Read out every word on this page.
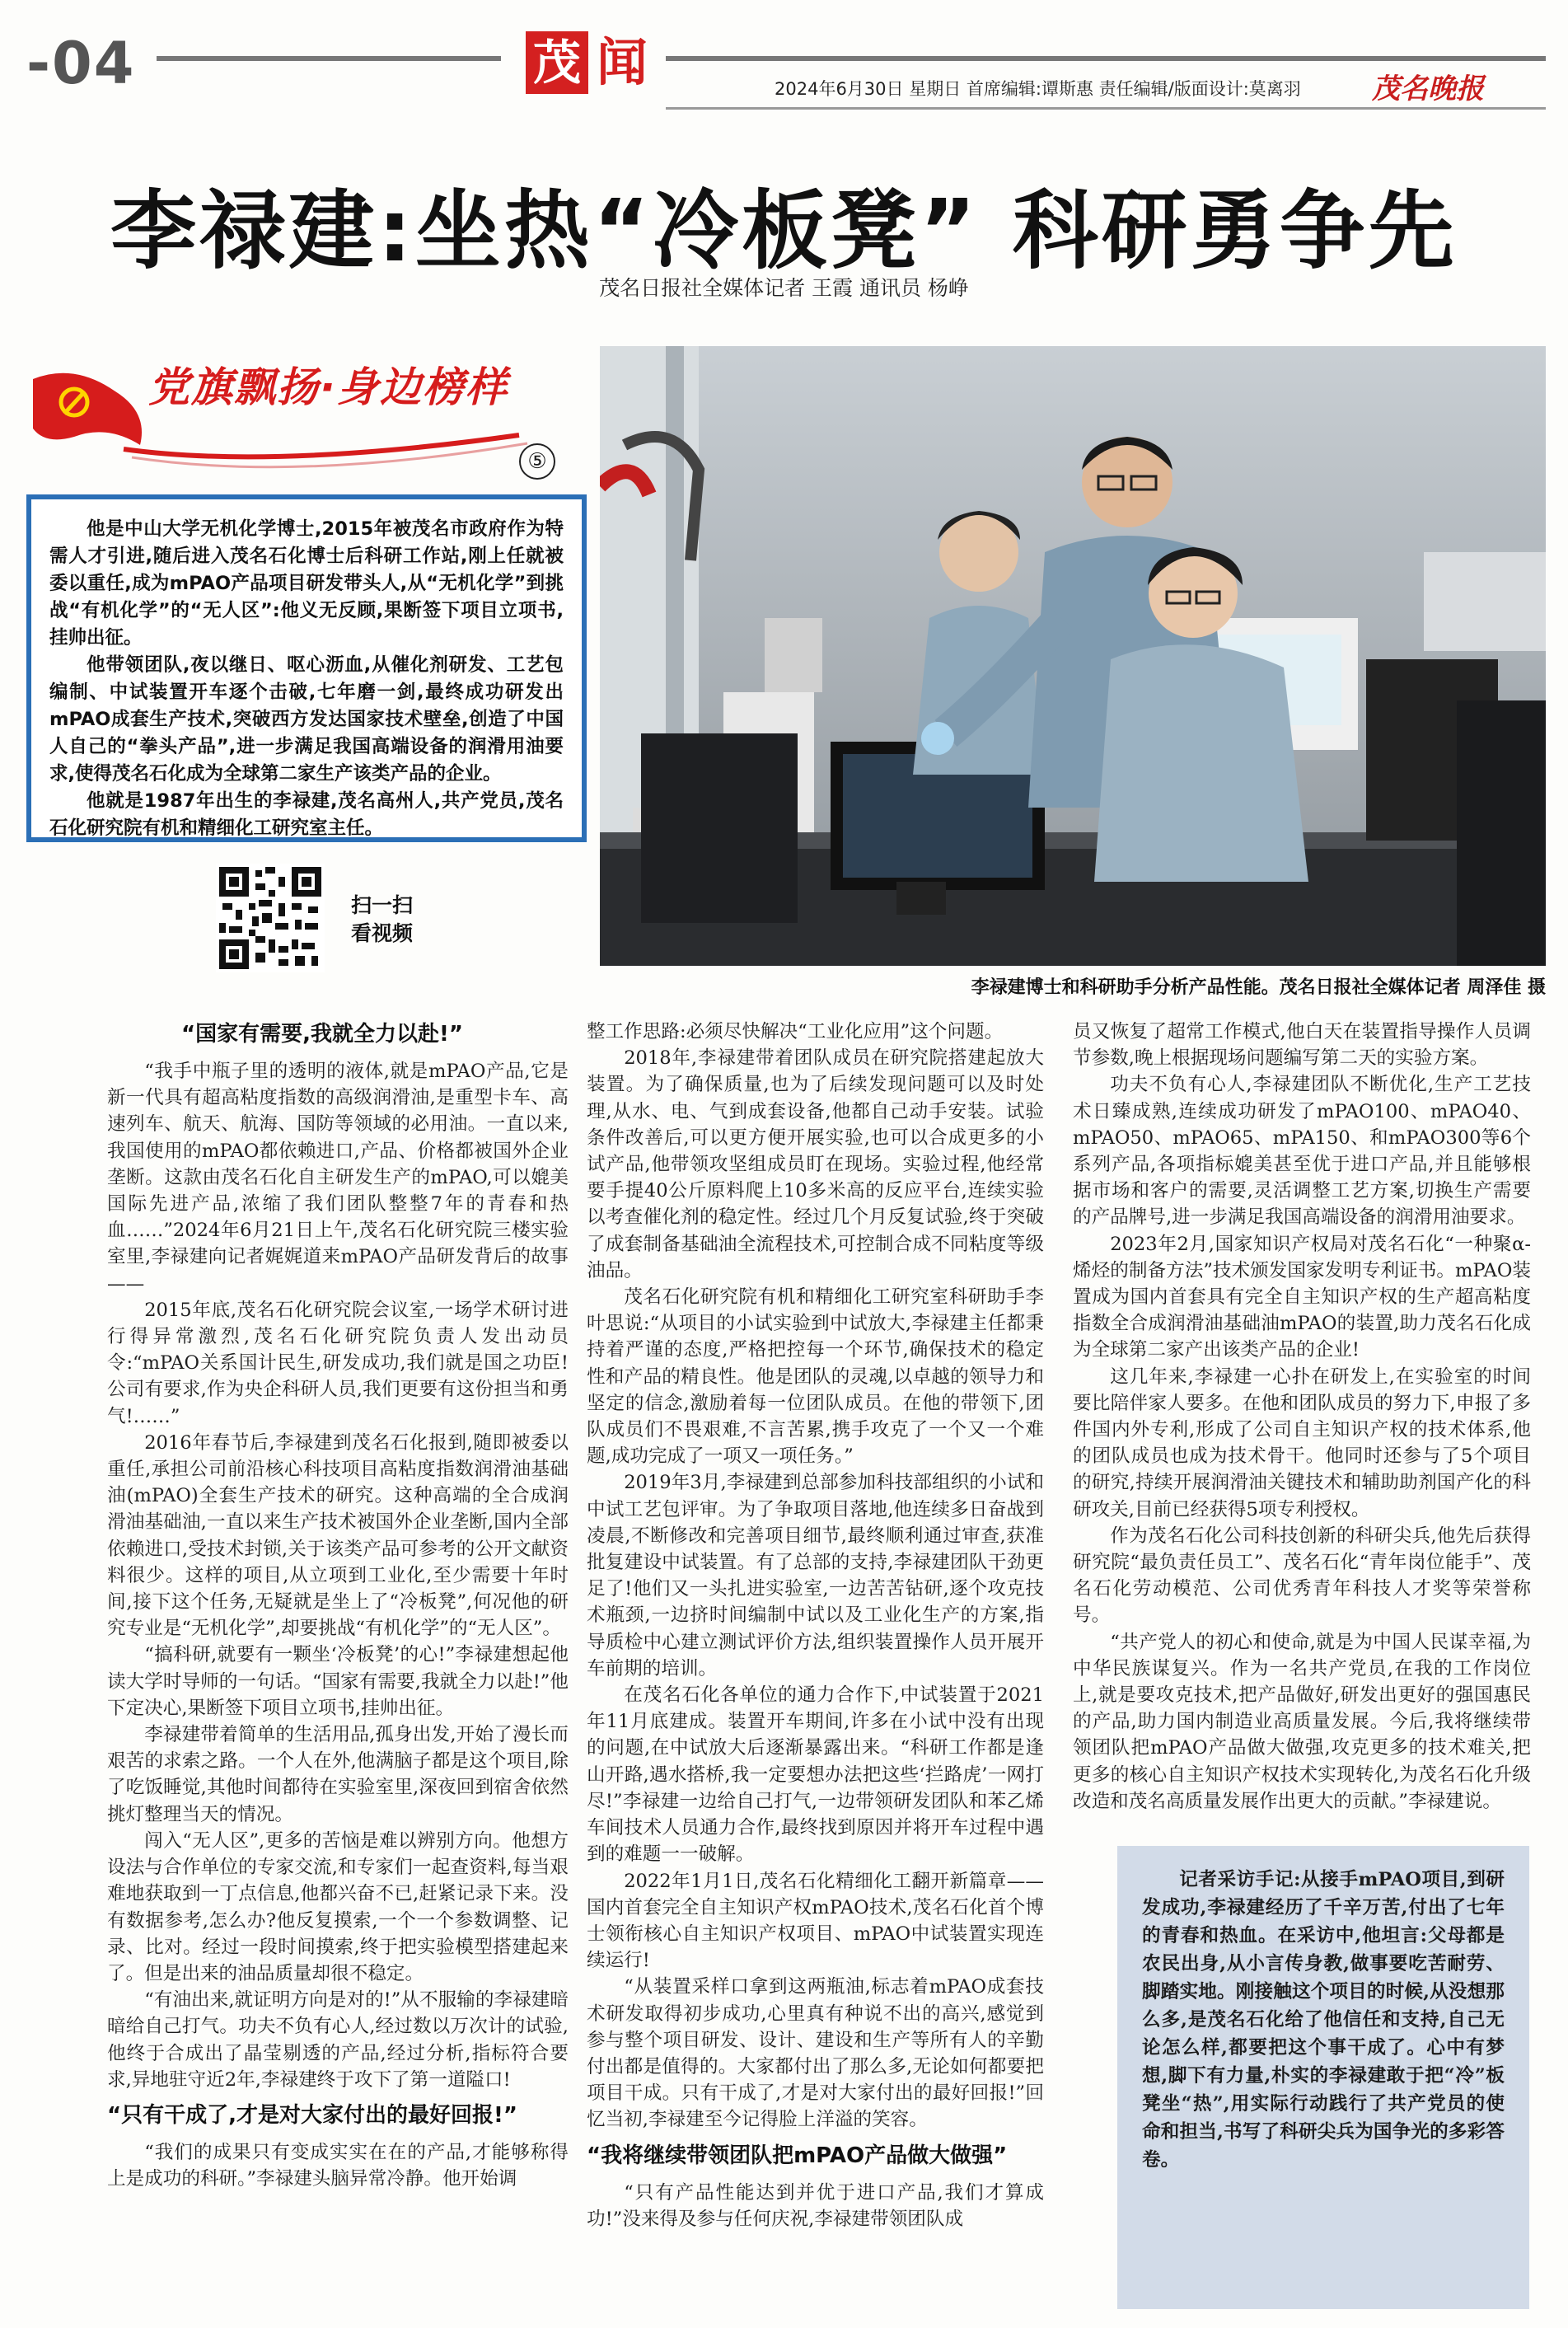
-04	茂 闻	2024年6月30日 星期日 首席编辑:谭斯惠 责任编辑/版面设计:莫离羽	茂名晚报
李禄建:坐热“冷板凳” 科研勇争先
茂名日报社全媒体记者 王霞 通讯员 杨峥
党旗飘扬·身边榜样
⑤

他是中山大学无机化学博士,2015年被茂名市政府作为特需人才引进,随后进入茂名石化博士后科研工作站,刚上任就被委以重任,成为mPAO产品项目研发带头人,从“无机化学”到挑战“有机化学”的“无人区”:他义无反顾,果断签下项目立项书,挂帅出征。

他带领团队,夜以继日、呕心沥血,从催化剂研发、工艺包编制、中试装置开车逐个击破,七年磨一剑,最终成功研发出mPAO成套生产技术,突破西方发达国家技术壁垒,创造了中国人自己的“拳头产品”,进一步满足我国高端设备的润滑用油要求,使得茂名石化成为全球第二家生产该类产品的企业。

他就是1987年出生的李禄建,茂名高州人,共产党员,茂名石化研究院有机和精细化工研究室主任。

扫一扫
看视频
李禄建博士和科研助手分析产品性能。茂名日报社全媒体记者 周泽佳 摄
“国家有需要,我就全力以赴!”

“我手中瓶子里的透明的液体,就是mPAO产品,它是新一代具有超高粘度指数的高级润滑油,是重型卡车、高速列车、航天、航海、国防等领域的必用油。一直以来,我国使用的mPAO都依赖进口,产品、价格都被国外企业垄断。这款由茂名石化自主研发生产的mPAO,可以媲美国际先进产品,浓缩了我们团队整整7年的青春和热血……”2024年6月21日上午,茂名石化研究院三楼实验室里,李禄建向记者娓娓道来mPAO产品研发背后的故事——

2015年底,茂名石化研究院会议室,一场学术研讨进行得异常激烈,茂名石化研究院负责人发出动员令:“mPAO关系国计民生,研发成功,我们就是国之功臣!公司有要求,作为央企科研人员,我们更要有这份担当和勇气!……”

2016年春节后,李禄建到茂名石化报到,随即被委以重任,承担公司前沿核心科技项目高粘度指数润滑油基础油(mPAO)全套生产技术的研究。这种高端的全合成润滑油基础油,一直以来生产技术被国外企业垄断,国内全部依赖进口,受技术封锁,关于该类产品可参考的公开文献资料很少。这样的项目,从立项到工业化,至少需要十年时间,接下这个任务,无疑就是坐上了“冷板凳”,何况他的研究专业是“无机化学”,却要挑战“有机化学”的“无人区”。

“搞科研,就要有一颗坐‘冷板凳’的心!”李禄建想起他读大学时导师的一句话。“国家有需要,我就全力以赴!”他下定决心,果断签下项目立项书,挂帅出征。

李禄建带着简单的生活用品,孤身出发,开始了漫长而艰苦的求索之路。一个人在外,他满脑子都是这个项目,除了吃饭睡觉,其他时间都待在实验室里,深夜回到宿舍依然挑灯整理当天的情况。

闯入“无人区”,更多的苦恼是难以辨别方向。他想方设法与合作单位的专家交流,和专家们一起查资料,每当艰难地获取到一丁点信息,他都兴奋不已,赶紧记录下来。没有数据参考,怎么办?他反复摸索,一个一个参数调整、记录、比对。经过一段时间摸索,终于把实验模型搭建起来了。但是出来的油品质量却很不稳定。

“有油出来,就证明方向是对的!”从不服输的李禄建暗暗给自己打气。功夫不负有心人,经过数以万次计的试验,他终于合成出了晶莹剔透的产品,经过分析,指标符合要求,异地驻守近2年,李禄建终于攻下了第一道隘口!

“只有干成了,才是对大家付出的最好回报!”

“我们的成果只有变成实实在在的产品,才能够称得上是成功的科研。”李禄建头脑异常冷静。他开始调

整工作思路:必须尽快解决“工业化应用”这个问题。

2018年,李禄建带着团队成员在研究院搭建起放大装置。为了确保质量,也为了后续发现问题可以及时处理,从水、电、气到成套设备,他都自己动手安装。试验条件改善后,可以更方便开展实验,也可以合成更多的小试产品,他带领攻坚组成员盯在现场。实验过程,他经常要手提40公斤原料爬上10多米高的反应平台,连续实验以考查催化剂的稳定性。经过几个月反复试验,终于突破了成套制备基础油全流程技术,可控制合成不同粘度等级油品。

茂名石化研究院有机和精细化工研究室科研助手李叶思说:“从项目的小试实验到中试放大,李禄建主任都秉持着严谨的态度,严格把控每一个环节,确保技术的稳定性和产品的精良性。他是团队的灵魂,以卓越的领导力和坚定的信念,激励着每一位团队成员。在他的带领下,团队成员们不畏艰难,不言苦累,携手攻克了一个又一个难题,成功完成了一项又一项任务。”

2019年3月,李禄建到总部参加科技部组织的小试和中试工艺包评审。为了争取项目落地,他连续多日奋战到凌晨,不断修改和完善项目细节,最终顺利通过审查,获准批复建设中试装置。有了总部的支持,李禄建团队干劲更足了!他们又一头扎进实验室,一边苦苦钻研,逐个攻克技术瓶颈,一边挤时间编制中试以及工业化生产的方案,指导质检中心建立测试评价方法,组织装置操作人员开展开车前期的培训。

在茂名石化各单位的通力合作下,中试装置于2021年11月底建成。装置开车期间,许多在小试中没有出现的问题,在中试放大后逐渐暴露出来。“科研工作都是逢山开路,遇水搭桥,我一定要想办法把这些‘拦路虎’一网打尽!”李禄建一边给自己打气,一边带领研发团队和苯乙烯车间技术人员通力合作,最终找到原因并将开车过程中遇到的难题一一破解。

2022年1月1日,茂名石化精细化工翻开新篇章——国内首套完全自主知识产权mPAO技术,茂名石化首个博士领衔核心自主知识产权项目、mPAO中试装置实现连续运行!

“从装置采样口拿到这两瓶油,标志着mPAO成套技术研发取得初步成功,心里真有种说不出的高兴,感觉到参与整个项目研发、设计、建设和生产等所有人的辛勤付出都是值得的。大家都付出了那么多,无论如何都要把项目干成。只有干成了,才是对大家付出的最好回报!”回忆当初,李禄建至今记得脸上洋溢的笑容。

“我将继续带领团队把mPAO产品做大做强”

“只有产品性能达到并优于进口产品,我们才算成功!”没来得及参与任何庆祝,李禄建带领团队成

员又恢复了超常工作模式,他白天在装置指导操作人员调节参数,晚上根据现场问题编写第二天的实验方案。

功夫不负有心人,李禄建团队不断优化,生产工艺技术日臻成熟,连续成功研发了mPAO100、mPAO40、mPAO50、mPAO65、mPA150、和mPAO300等6个系列产品,各项指标媲美甚至优于进口产品,并且能够根据市场和客户的需要,灵活调整工艺方案,切换生产需要的产品牌号,进一步满足我国高端设备的润滑用油要求。

2023年2月,国家知识产权局对茂名石化“一种聚α-烯烃的制备方法”技术颁发国家发明专利证书。mPAO装置成为国内首套具有完全自主知识产权的生产超高粘度指数全合成润滑油基础油mPAO的装置,助力茂名石化成为全球第二家产出该类产品的企业!

这几年来,李禄建一心扑在研发上,在实验室的时间要比陪伴家人要多。在他和团队成员的努力下,申报了多件国内外专利,形成了公司自主知识产权的技术体系,他的团队成员也成为技术骨干。他同时还参与了5个项目的研究,持续开展润滑油关键技术和辅助助剂国产化的科研攻关,目前已经获得5项专利授权。

作为茂名石化公司科技创新的科研尖兵,他先后获得研究院“最负责任员工”、茂名石化“青年岗位能手”、茂名石化劳动模范、公司优秀青年科技人才奖等荣誉称号。

“共产党人的初心和使命,就是为中国人民谋幸福,为中华民族谋复兴。作为一名共产党员,在我的工作岗位上,就是要攻克技术,把产品做好,研发出更好的强国惠民的产品,助力国内制造业高质量发展。今后,我将继续带领团队把mPAO产品做大做强,攻克更多的技术难关,把更多的核心自主知识产权技术实现转化,为茂名石化升级改造和茂名高质量发展作出更大的贡献。”李禄建说。

记者采访手记:从接手mPAO项目,到研发成功,李禄建经历了千辛万苦,付出了七年的青春和热血。在采访中,他坦言:父母都是农民出身,从小言传身教,做事要吃苦耐劳、脚踏实地。刚接触这个项目的时候,从没想那么多,是茂名石化给了他信任和支持,自己无论怎么样,都要把这个事干成了。心中有梦想,脚下有力量,朴实的李禄建敢于把“冷”板凳坐“热”,用实际行动践行了共产党员的使命和担当,书写了科研尖兵为国争光的多彩答卷。
